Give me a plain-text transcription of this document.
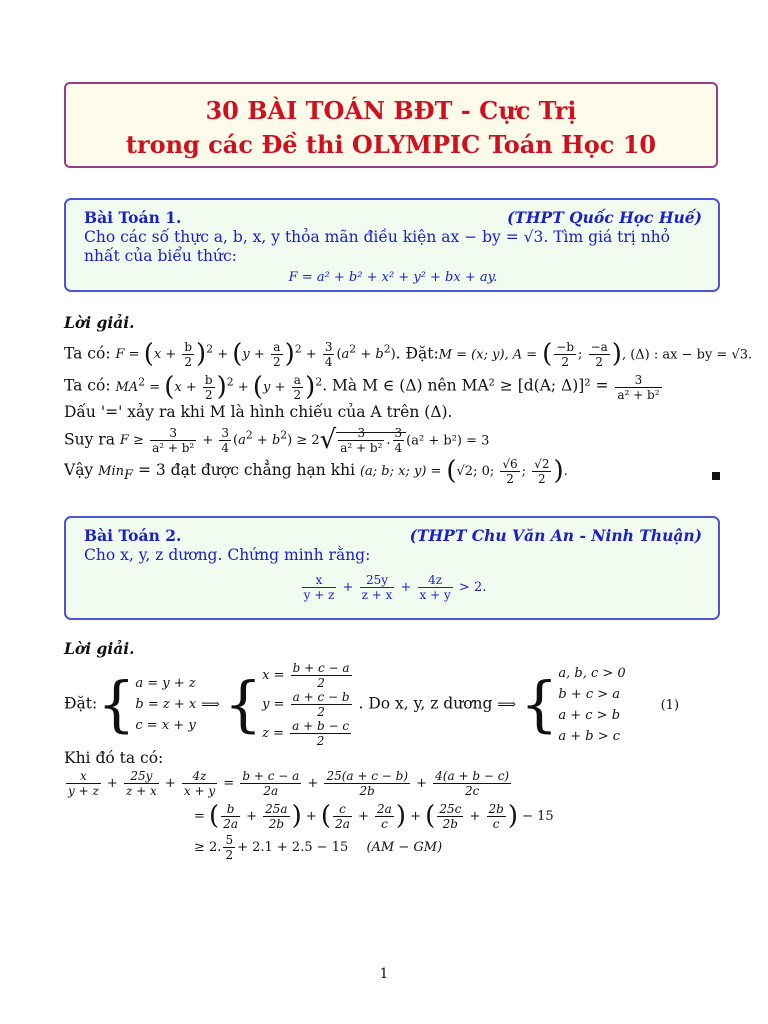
30 BÀI TOÁN BĐT - Cực Trị
trong các Đề thi OLYMPIC Toán Học 10
Bài Toán 1.	(THPT Quốc Học Huế)
Cho các số thực a, b, x, y thỏa mãn điều kiện ax − by = √3. Tìm giá trị nhỏ nhất của biểu thức:
F = a² + b² + x² + y² + bx + ay.
Lời giải.
Ta có: $F = (x + \frac{b}{2} )^2 + (y + \frac{a}{2} )^2 + \frac{3}{4} (a^2 + b^2)$. Đặt:M = (x; y), A = ( $\frac{-b}{2}$ ; $\frac{-a}{2}$ ), (Δ) : ax − by = √3.
Ta có: $MA^2 = (x + \frac{b}{2} )^2 + (y + \frac{a}{2} )^2$. Mà M ∈ (Δ) nên MA² ≥ [d(A; $\Delta)]^2 = \frac{3}{\text{a² + b²}}$
Dấu '=' xảy ra khi M là hình chiếu của A trên (Δ).
Suy ra $F \ge \frac{3}{\text{a² + b²}} + \frac{3}{4} (a^2 + b^2) \ge 2√ \frac{3}{\text{a² + b²}}$ . $\frac{3}{4} (a^2 + b^2) = 3$
Vậy Min$_F$ = 3 đạt được chẳng hạn khi (a; b; x; y) = (√2; 0; $\frac{√6}{2}$ ; $\frac{√2}{2}$ ).
Bài Toán 2.	(THPT Chu Văn An - Ninh Thuận)
Cho x, y, z dương. Chứng minh rằng:
$\frac{x}{y + z} + \frac{25y}{z + x} + \frac{4z}{x + y} > 2$.
Lời giải.
Đặt:{ a = y + z
b = z + x
c = x + y
⟹ { $x = \frac{b + c - a}{2}$
$y = \frac{a + c - b}{2}$
$z = \frac{a + b - c}{2}$
. Do x, y, z dương ⟹ { a, b, c > 0
b + c > a
a + c > b
a + b > c
(1)
Khi đó ta có:
$\frac{x}{y + z} + \frac{25y}{z + x} + \frac{4z}{x + y} = \frac{b + c - a}{2a} + \frac{25(a + c - b)}{2b} + \frac{4(a + b - c)}{2c}$
= ( $\frac{b}{2a} + \frac{25a}{2b}$ ) + ( $\frac{c}{2a} + \frac{2a}{c}$ ) + ( $\frac{25c}{2b} + \frac{2b}{c}$ ) − 15
≥ 2. $\frac{5}{2} + 2.1 + 2.5 - 15$ (AM − GM)
1
